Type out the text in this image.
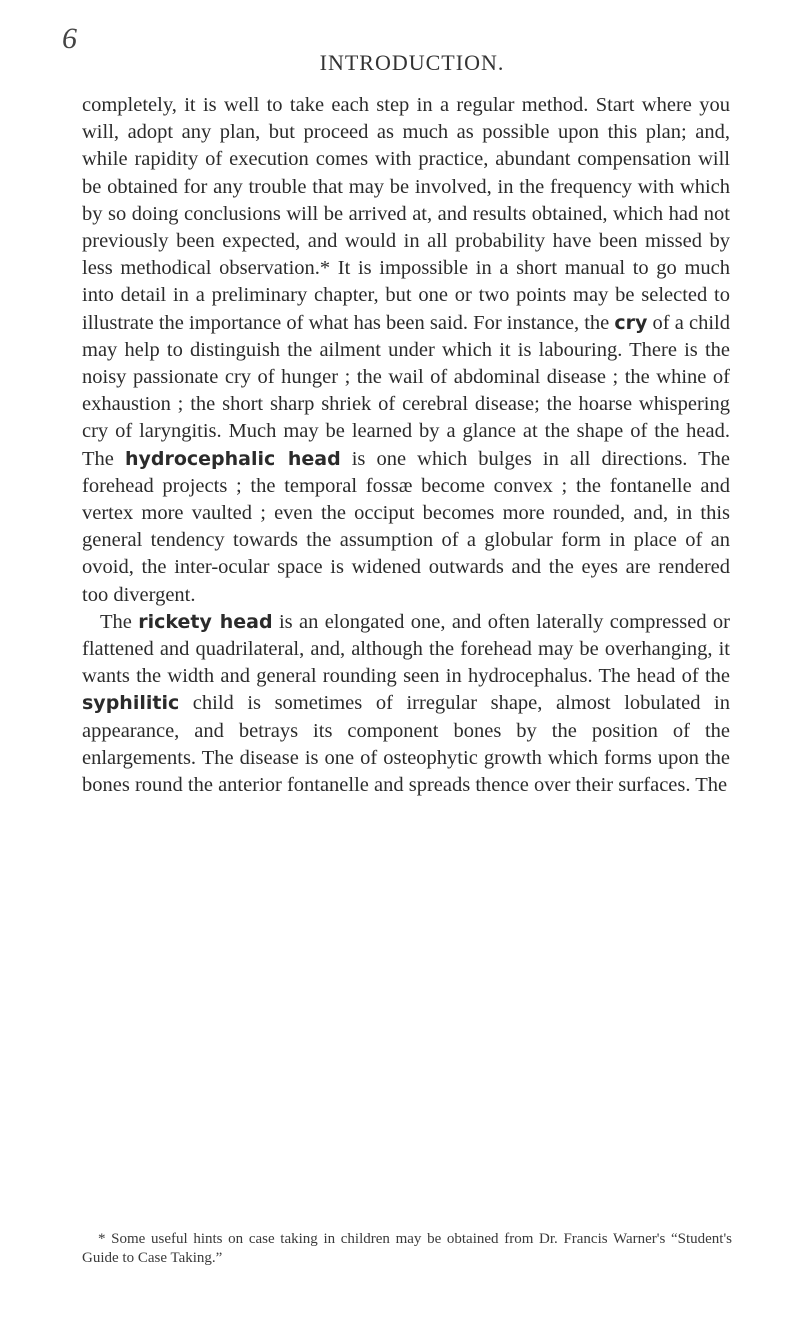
6
INTRODUCTION.

completely, it is well to take each step in a regular method. Start where you will, adopt any plan, but proceed as much as possible upon this plan; and, while rapidity of execution comes with practice, abundant compensation will be obtained for any trouble that may be involved, in the frequency with which by so doing conclusions will be arrived at, and results obtained, which had not previously been expected, and would in all probability have been missed by less methodical observation.* It is impossible in a short manual to go much into detail in a preliminary chapter, but one or two points may be selected to illustrate the importance of what has been said. For instance, the cry of a child may help to distinguish the ailment under which it is labouring. There is the noisy passionate cry of hunger ; the wail of abdominal disease ; the whine of exhaustion ; the short sharp shriek of cerebral disease; the hoarse whispering cry of laryngitis. Much may be learned by a glance at the shape of the head. The hydrocephalic head is one which bulges in all directions. The forehead projects ; the temporal fossæ become convex ; the fontanelle and vertex more vaulted ; even the occiput becomes more rounded, and, in this general tendency towards the assumption of a globular form in place of an ovoid, the inter-ocular space is widened outwards and the eyes are rendered too divergent.

The rickety head is an elongated one, and often laterally compressed or flattened and quadrilateral, and, although the forehead may be overhanging, it wants the width and general rounding seen in hydrocephalus. The head of the syphilitic child is sometimes of irregular shape, almost lobulated in appearance, and betrays its component bones by the position of the enlargements. The disease is one of osteophytic growth which forms upon the bones round the anterior fontanelle and spreads thence over their surfaces. The

* Some useful hints on case taking in children may be obtained from Dr. Francis Warner's “Student's Guide to Case Taking.”
